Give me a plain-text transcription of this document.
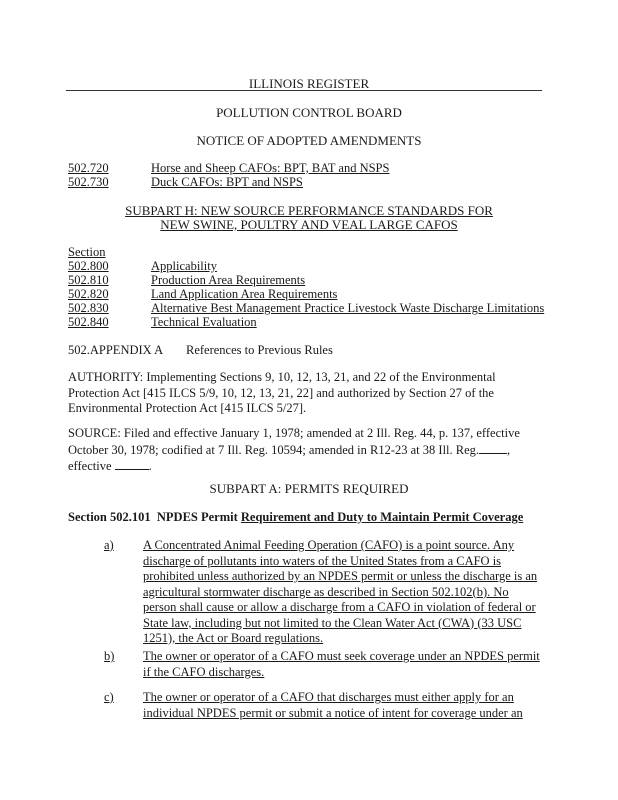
ILLINOIS REGISTER
POLLUTION CONTROL BOARD
NOTICE OF ADOPTED AMENDMENTS
502.720	Horse and Sheep CAFOs: BPT, BAT and NSPS
502.730	Duck CAFOs: BPT and NSPS
SUBPART H: NEW SOURCE PERFORMANCE STANDARDS FOR
NEW SWINE, POULTRY AND VEAL LARGE CAFOS
Section
502.800	Applicability
502.810	Production Area Requirements
502.820	Land Application Area Requirements
502.830	Alternative Best Management Practice Livestock Waste Discharge Limitations
502.840	Technical Evaluation
502.APPENDIX A References to Previous Rules
AUTHORITY: Implementing Sections 9, 10, 12, 13, 21, and 22 of the Environmental Protection Act [415 ILCS 5/9, 10, 12, 13, 21, 22] and authorized by Section 27 of the Environmental Protection Act [415 ILCS 5/27].
SOURCE: Filed and effective January 1, 1978; amended at 2 Ill. Reg. 44, p. 137, effective October 30, 1978; codified at 7 Ill. Reg. 10594; amended in R12-23 at 38 Ill. Reg. , effective	.
SUBPART A: PERMITS REQUIRED
Section 502.101  NPDES Permit Requirement and Duty to Maintain Permit Coverage
a) A Concentrated Animal Feeding Operation (CAFO) is a point source. Any discharge of pollutants into waters of the United States from a CAFO is prohibited unless authorized by an NPDES permit or unless the discharge is an agricultural stormwater discharge as described in Section 502.102(b). No person shall cause or allow a discharge from a CAFO in violation of federal or State law, including but not limited to the Clean Water Act (CWA) (33 USC 1251), the Act or Board regulations.
b) The owner or operator of a CAFO must seek coverage under an NPDES permit if the CAFO discharges.
c) The owner or operator of a CAFO that discharges must either apply for an individual NPDES permit or submit a notice of intent for coverage under an
